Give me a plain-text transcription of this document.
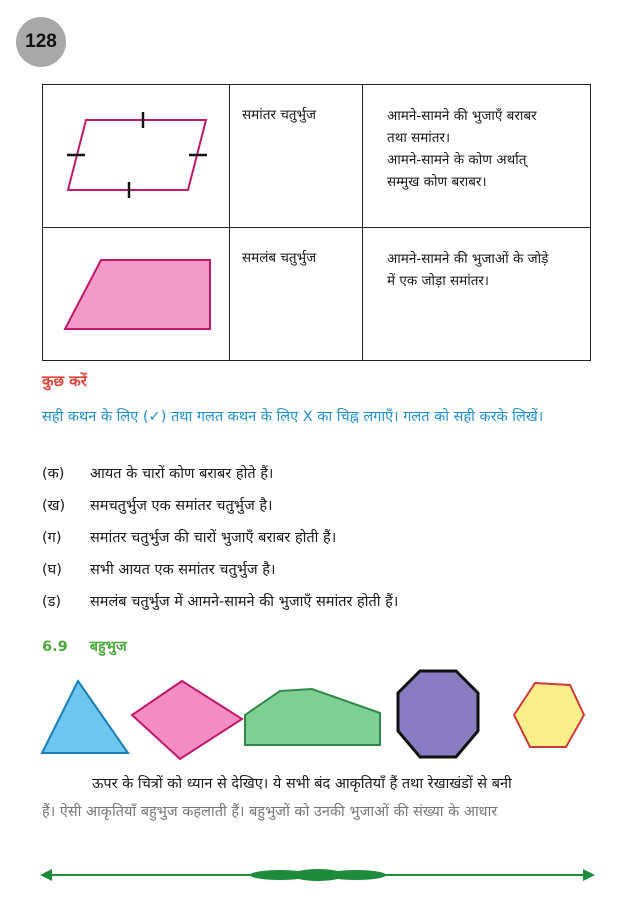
128
	समांतर चतुर्भुज	आमने-सामने की भुजाएँ बराबर
तथा समांतर।
आमने-सामने के कोण अर्थात्
सम्मुख कोण बराबर।

	समलंब चतुर्भुज	आमने-सामने की भुजाओं के जोड़े
में एक जोड़ा समांतर।
कुछ करें
सही कथन के लिए (✓) तथा गलत कथन के लिए X का चिह्न लगाएँ। गलत को सही करके लिखें।
(क)	आयत के चारों कोण बराबर होते हैं।
(ख)	समचतुर्भुज एक समांतर चतुर्भुज है।
(ग)	समांतर चतुर्भुज की चारों भुजाएँ बराबर होती हैं।
(घ)	सभी आयत एक समांतर चतुर्भुज है।
(ड)	समलंब चतुर्भुज में आमने-सामने की भुजाएँ समांतर होती हैं।
6.9 बहुभुज

ऊपर के चित्रों को ध्यान से देखिए। ये सभी बंद आकृतियाँ हैं तथा रेखाखंडों से बनी

हैं। ऐसी आकृतियाँ बहुभुज कहलाती हैं। बहुभुजों को उनकी भुजाओं की संख्या के आधार
